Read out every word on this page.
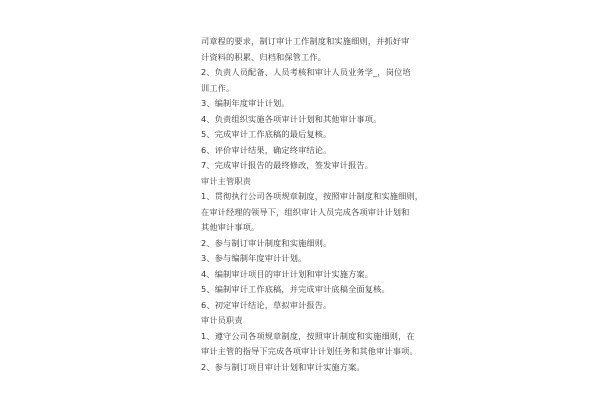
司章程的要求，制订审计工作制度和实施细则，并抓好审
计资料的积累、归档和保管工作。
2、负责人员配备、人员考核和审计人员业务学_，岗位培
训工作。
3、编制年度审计计划。
4、负责组织实施各项审计计划和其他审计事项。
5、完成审计工作底稿的最后复核。
6、评价审计结果，确定终审结论。
7、完成审计报告的最终修改，签发审计报告。
审计主管职责
1、贯彻执行公司各项规章制度，按照审计制度和实施细则，
在审计经理的领导下，组织审计人员完成各项审计计划和
其他审计事项。
2、参与制订审计制度和实施细则。
3、参与编制年度审计计划。
4、编制审计项目的审计计划和审计实施方案。
5、编制审计工作底稿，并完成审计底稿全面复核。
6、初定审计结论，草拟审计报告。
审计员职责
1、遵守公司各项规章制度，按照审计制度和实施细则，在
审计主管的指导下完成各项审计计划任务和其他审计事项。
2、参与制订项目审计计划和审计实施方案。
